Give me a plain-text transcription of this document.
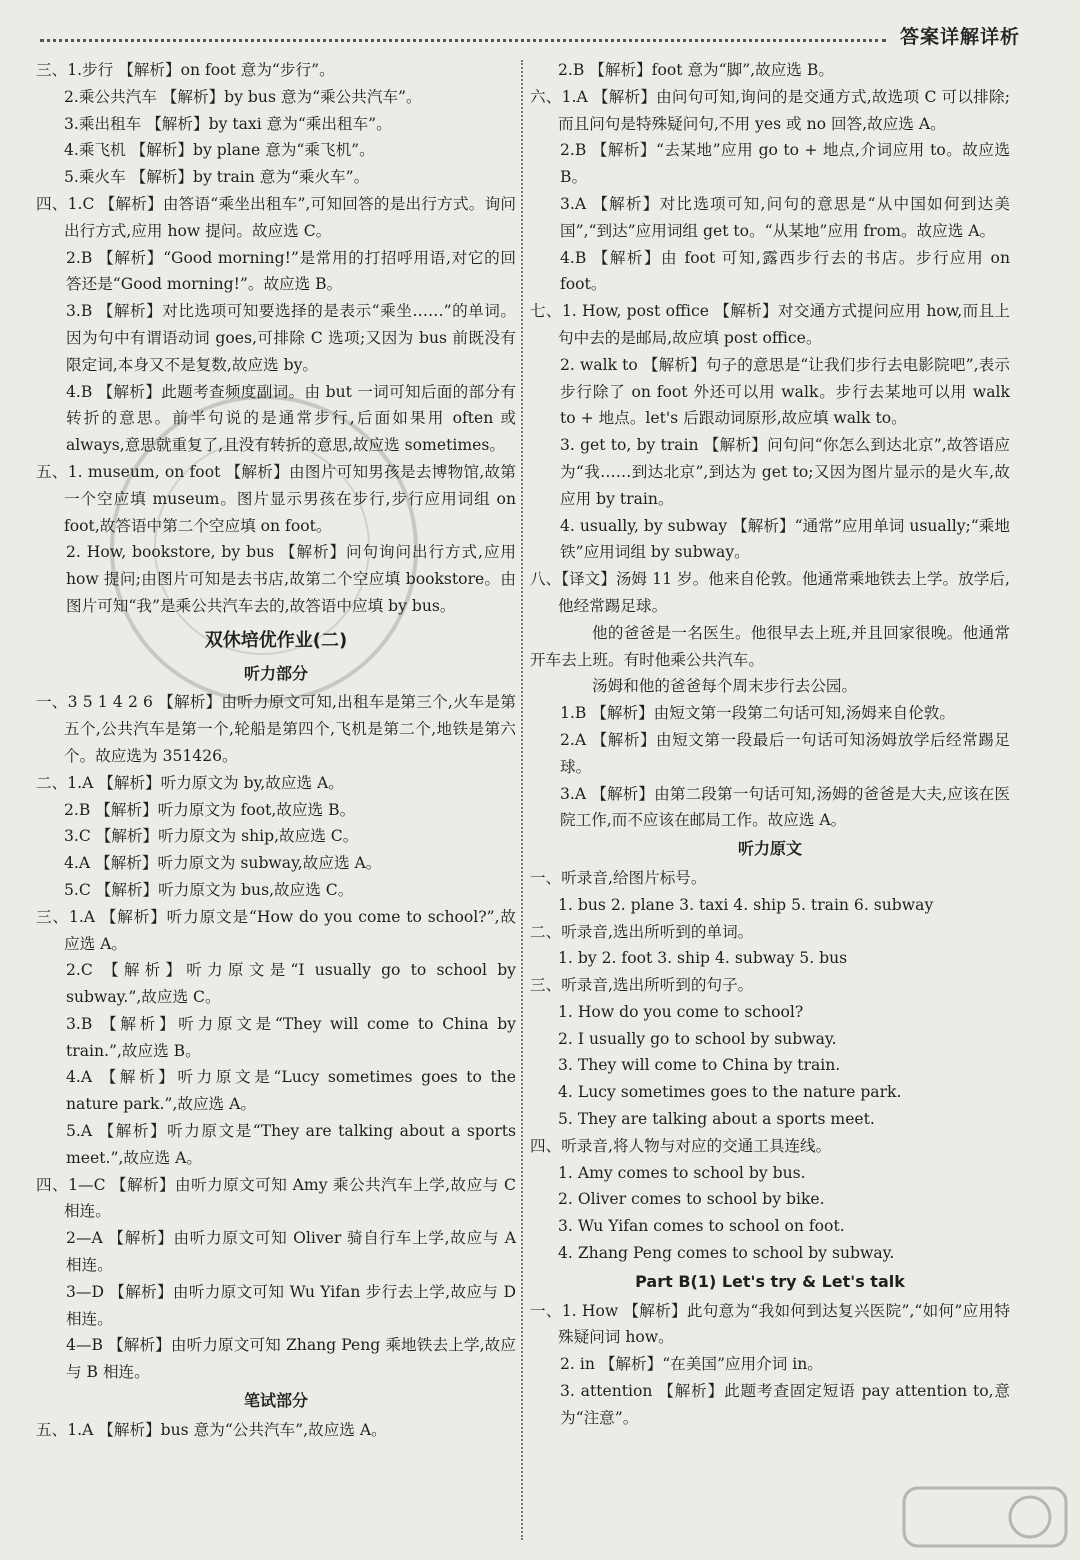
答案详解详析

三、1.步行 【解析】on foot 意为“步行”。

2.乘公共汽车 【解析】by bus 意为“乘公共汽车”。

3.乘出租车 【解析】by taxi 意为“乘出租车”。

4.乘飞机 【解析】by plane 意为“乘飞机”。

5.乘火车 【解析】by train 意为“乘火车”。

四、1.C 【解析】由答语“乘坐出租车”,可知回答的是出行方式。询问出行方式,应用 how 提问。故应选 C。

2.B 【解析】“Good morning!”是常用的打招呼用语,对它的回答还是“Good morning!”。故应选 B。

3.B 【解析】对比选项可知要选择的是表示“乘坐……”的单词。因为句中有谓语动词 goes,可排除 C 选项;又因为 bus 前既没有限定词,本身又不是复数,故应选 by。

4.B 【解析】此题考查频度副词。由 but 一词可知后面的部分有转折的意思。前半句说的是通常步行,后面如果用 often 或 always,意思就重复了,且没有转折的意思,故应选 sometimes。

五、1. museum, on foot 【解析】由图片可知男孩是去博物馆,故第一个空应填 museum。图片显示男孩在步行,步行应用词组 on foot,故答语中第二个空应填 on foot。

2. How, bookstore, by bus 【解析】问句询问出行方式,应用 how 提问;由图片可知是去书店,故第二个空应填 bookstore。由图片可知“我”是乘公共汽车去的,故答语中应填 by bus。

双休培优作业(二)

听力部分

一、3 5 1 4 2 6 【解析】由听力原文可知,出租车是第三个,火车是第五个,公共汽车是第一个,轮船是第四个,飞机是第二个,地铁是第六个。故应选为 351426。

二、1.A 【解析】听力原文为 by,故应选 A。

2.B 【解析】听力原文为 foot,故应选 B。

3.C 【解析】听力原文为 ship,故应选 C。

4.A 【解析】听力原文为 subway,故应选 A。

5.C 【解析】听力原文为 bus,故应选 C。

三、1.A 【解析】听力原文是“How do you come to school?”,故应选 A。

2.C 【解析】听力原文是“I usually go to school by subway.”,故应选 C。

3.B 【解析】听力原文是“They will come to China by train.”,故应选 B。

4.A 【解析】听力原文是“Lucy sometimes goes to the nature park.”,故应选 A。

5.A 【解析】听力原文是“They are talking about a sports meet.”,故应选 A。

四、1—C 【解析】由听力原文可知 Amy 乘公共汽车上学,故应与 C 相连。

2—A 【解析】由听力原文可知 Oliver 骑自行车上学,故应与 A 相连。

3—D 【解析】由听力原文可知 Wu Yifan 步行去上学,故应与 D 相连。

4—B 【解析】由听力原文可知 Zhang Peng 乘地铁去上学,故应与 B 相连。

笔试部分

五、1.A 【解析】bus 意为“公共汽车”,故应选 A。

2.B 【解析】foot 意为“脚”,故应选 B。

六、1.A 【解析】由问句可知,询问的是交通方式,故选项 C 可以排除;而且问句是特殊疑问句,不用 yes 或 no 回答,故应选 A。

2.B 【解析】“去某地”应用 go to + 地点,介词应用 to。故应选 B。

3.A 【解析】对比选项可知,问句的意思是“从中国如何到达美国”,“到达”应用词组 get to。“从某地”应用 from。故应选 A。

4.B 【解析】由 foot 可知,露西步行去的书店。步行应用 on foot。

七、1. How, post office 【解析】对交通方式提问应用 how,而且上句中去的是邮局,故应填 post office。

2. walk to 【解析】句子的意思是“让我们步行去电影院吧”,表示步行除了 on foot 外还可以用 walk。步行去某地可以用 walk to + 地点。let's 后跟动词原形,故应填 walk to。

3. get to, by train 【解析】问句问“你怎么到达北京”,故答语应为“我……到达北京”,到达为 get to;又因为图片显示的是火车,故应用 by train。

4. usually, by subway 【解析】“通常”应用单词 usually;“乘地铁”应用词组 by subway。

八、【译文】汤姆 11 岁。他来自伦敦。他通常乘地铁去上学。放学后,他经常踢足球。

他的爸爸是一名医生。他很早去上班,并且回家很晚。他通常开车去上班。有时他乘公共汽车。

汤姆和他的爸爸每个周末步行去公园。

1.B 【解析】由短文第一段第二句话可知,汤姆来自伦敦。

2.A 【解析】由短文第一段最后一句话可知汤姆放学后经常踢足球。

3.A 【解析】由第二段第一句话可知,汤姆的爸爸是大夫,应该在医院工作,而不应该在邮局工作。故应选 A。

听力原文

一、听录音,给图片标号。

1. bus 2. plane 3. taxi 4. ship 5. train 6. subway

二、听录音,选出所听到的单词。

1. by 2. foot 3. ship 4. subway 5. bus

三、听录音,选出所听到的句子。

1. How do you come to school?

2. I usually go to school by subway.

3. They will come to China by train.

4. Lucy sometimes goes to the nature park.

5. They are talking about a sports meet.

四、听录音,将人物与对应的交通工具连线。

1. Amy comes to school by bus.

2. Oliver comes to school by bike.

3. Wu Yifan comes to school on foot.

4. Zhang Peng comes to school by subway.

Part B(1) Let's try & Let's talk

一、1. How 【解析】此句意为“我如何到达复兴医院”,“如何”应用特殊疑问词 how。

2. in 【解析】“在美国”应用介词 in。

3. attention 【解析】此题考查固定短语 pay attention to,意为“注意”。
